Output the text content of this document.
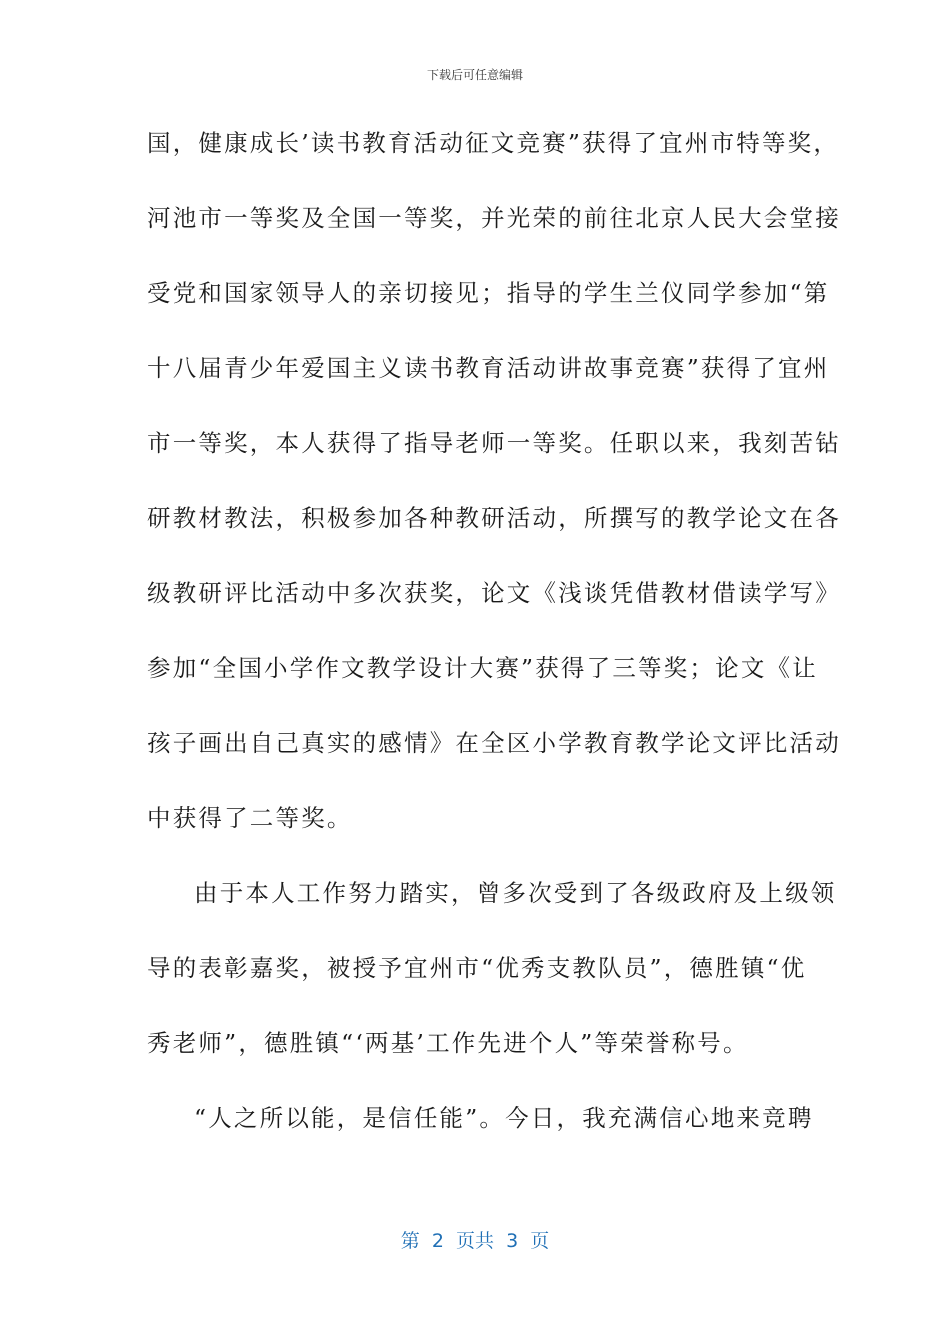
下载后可任意编辑
国，健康成长’读书教育活动征文竞赛”获得了宜州市特等奖，
河池市一等奖及全国一等奖，并光荣的前往北京人民大会堂接
受党和国家领导人的亲切接见；指导的学生兰仪同学参加“第
十八届青少年爱国主义读书教育活动讲故事竞赛”获得了宜州
市一等奖，本人获得了指导老师一等奖。任职以来，我刻苦钻
研教材教法，积极参加各种教研活动，所撰写的教学论文在各
级教研评比活动中多次获奖，论文《浅谈凭借教材借读学写》
参加“全国小学作文教学设计大赛”获得了三等奖；论文《让
孩子画出自己真实的感情》在全区小学教育教学论文评比活动
中获得了二等奖。
由于本人工作努力踏实，曾多次受到了各级政府及上级领
导的表彰嘉奖，被授予宜州市“优秀支教队员”，德胜镇“优
秀老师”，德胜镇“‘两基’工作先进个人”等荣誉称号。
“人之所以能，是信任能”。今日，我充满信心地来竞聘
第  2  页共  3  页
